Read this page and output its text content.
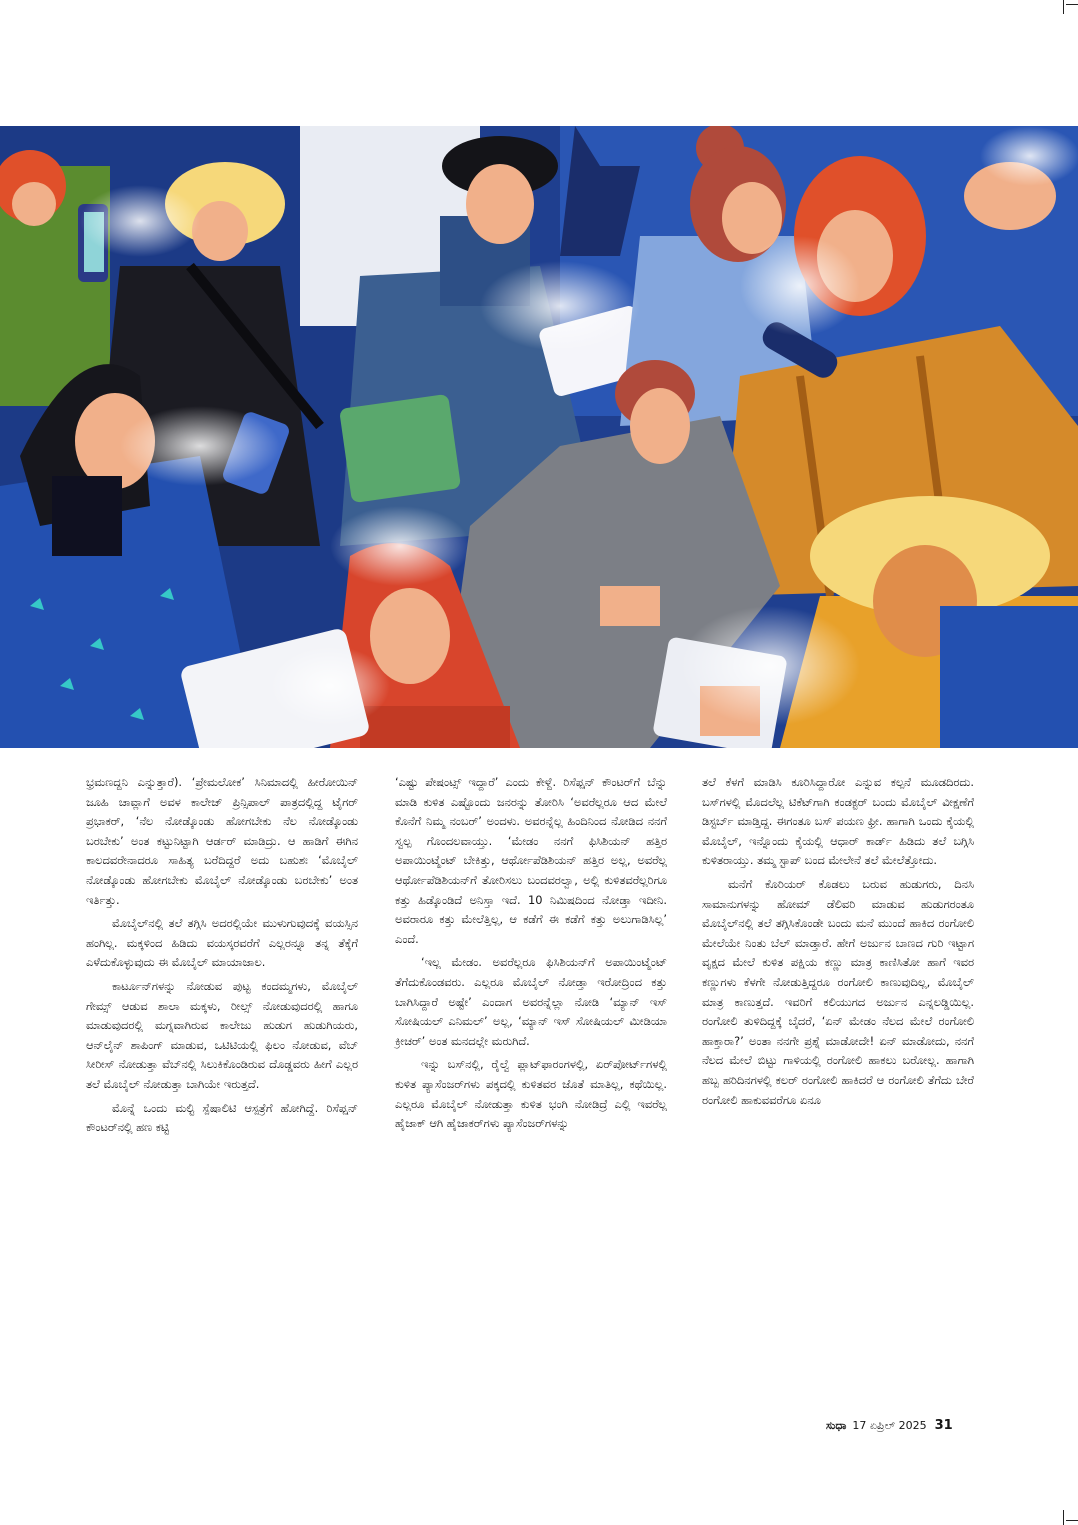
ಭ್ರಮಣದ್ದನಿ ಎನ್ನುತ್ತಾರೆ). ‘ಪ್ರೇಮಲೋಕ’ ಸಿನಿಮಾದಲ್ಲಿ ಹೀರೋಯಿನ್ ಜೂಹಿ ಚಾವ್ಲಾಗೆ ಅವಳ ಕಾಲೇಜ್ ಪ್ರಿನ್ಸಿಪಾಲ್ ಪಾತ್ರದಲ್ಲಿದ್ದ ಟೈಗರ್ ಪ್ರಭಾಕರ್, ‘ನೆಲ ನೋಡ್ಕೊಂಡು ಹೋಗಬೇಕು ನೆಲ ನೋಡ್ಕೊಂಡು ಬರಬೇಕು’ ಅಂತ ಕಟ್ಟುನಿಟ್ಟಾಗಿ ಆರ್ಡರ್ ಮಾಡಿದ್ರು. ಆ ಹಾಡಿಗೆ ಈಗಿನ ಕಾಲದವರೇನಾದರೂ ಸಾಹಿತ್ಯ ಬರೆದಿದ್ದರೆ ಅದು ಬಹುಶಃ ‘ಮೊಬೈಲ್ ನೋಡ್ಕೊಂಡು ಹೋಗಬೇಕು ಮೊಬೈಲ್ ನೋಡ್ಕೊಂಡು ಬರಬೇಕು’ ಅಂತ ಇರ್ತಿತ್ತು.

ಮೊಬೈಲ್‌ನಲ್ಲಿ ತಲೆ ತಗ್ಗಿಸಿ ಅದರಲ್ಲಿಯೇ ಮುಳುಗುವುದಕ್ಕೆ ವಯಸ್ಸಿನ ಹಂಗಿಲ್ಲ. ಮಕ್ಕಳಿಂದ ಹಿಡಿದು ವಯಸ್ಕರವರೆಗೆ ಎಲ್ಲರನ್ನೂ ತನ್ನ ತೆಕ್ಕೆಗೆ ಎಳೆದುಕೊಳ್ಳುವುದು ಈ ಮೊಬೈಲ್ ಮಾಯಾಜಾಲ.

ಕಾರ್ಟೂನ್‌ಗಳನ್ನು ನೋಡುವ ಪುಟ್ಟ ಕಂದಮ್ಮಗಳು, ಮೊಬೈಲ್ ಗೇಮ್ಸ್ ಆಡುವ ಶಾಲಾ ಮಕ್ಕಳು, ರೀಲ್ಸ್ ನೋಡುವುದರಲ್ಲಿ ಹಾಗೂ ಮಾಡುವುದರಲ್ಲಿ ಮಗ್ನವಾಗಿರುವ ಕಾಲೇಜು ಹುಡುಗ ಹುಡುಗಿಯರು, ಆನ್‌ಲೈನ್ ಶಾಪಿಂಗ್ ಮಾಡುವ, ಒಟಿಟಿಯಲ್ಲಿ ಫಿಲಂ ನೋಡುವ, ವೆಬ್ ಸೀರೀಸ್ ನೋಡುತ್ತಾ ವೆಬ್‌ನಲ್ಲಿ ಸಿಲುಕಿಕೊಂಡಿರುವ ದೊಡ್ಡವರು ಹೀಗೆ ಎಲ್ಲರ ತಲೆ ಮೊಬೈಲ್ ನೋಡುತ್ತಾ ಬಾಗಿಯೇ ಇರುತ್ತದೆ.

ಮೊನ್ನೆ ಒಂದು ಮಲ್ಟಿ ಸ್ಪೆಷಾಲಿಟಿ ಆಸ್ಪತ್ರೆಗೆ ಹೋಗಿದ್ದೆ. ರಿಸೆಪ್ಷನ್ ಕೌಂಟರ್‌ನಲ್ಲಿ ಹಣ ಕಟ್ಟಿ

‘ಎಷ್ಟು ಪೇಷಂಟ್ಸ್ ಇದ್ದಾರೆ’ ಎಂದು ಕೇಳ್ದೆ. ರಿಸೆಪ್ಷನ್ ಕೌಂಟರ್‌ಗೆ ಬೆನ್ನು ಮಾಡಿ ಕುಳಿತ ಎಷ್ಟೊಂದು ಜನರನ್ನು ತೋರಿಸಿ ‘ಅವರೆಲ್ಲರೂ ಆದ ಮೇಲೆ ಕೊನೆಗೆ ನಿಮ್ಮ ನಂಬರ್’ ಅಂದಳು. ಅವರನ್ನೆಲ್ಲ ಹಿಂದಿನಿಂದ ನೋಡಿದ ನನಗೆ ಸ್ವಲ್ಪ ಗೊಂದಲವಾಯ್ತು. ‘ಮೇಡಂ ನನಗೆ ಫಿಸಿಶಿಯನ್ ಹತ್ತಿರ ಅಪಾಯಿಂಟ್ಮೆಂಟ್ ಬೇಕಿತ್ತು, ಆರ್ಥೋಪೆಡಿಶಿಯನ್ ಹತ್ತಿರ ಅಲ್ಲ, ಅವರೆಲ್ಲ ಆರ್ಥೋಪೆಡಿಶಿಯನ್‌ಗೆ ತೋರಿಸಲು ಬಂದವರಲ್ವಾ, ಅಲ್ಲಿ ಕುಳಿತವರೆಲ್ಲರಿಗೂ ಕತ್ತು ಹಿಡ್ಕೊಂಡಿದೆ ಅನಿಸ್ತಾ ಇದೆ. 10 ನಿಮಿಷದಿಂದ ನೋಡ್ತಾ ಇದೀನಿ. ಅವರಾರೂ ಕತ್ತು ಮೇಲೆತ್ತಿಲ್ಲ, ಆ ಕಡೆಗೆ ಈ ಕಡೆಗೆ ಕತ್ತು ಅಲುಗಾಡಿಸಿಲ್ಲ’ ಎಂದೆ.

‘ಇಲ್ಲ ಮೇಡಂ. ಅವರೆಲ್ಲರೂ ಫಿಸಿಶಿಯನ್‌ಗೆ ಅಪಾಯಿಂಟ್ಮೆಂಟ್ ತೆಗೆದುಕೊಂಡವರು. ಎಲ್ಲರೂ ಮೊಬೈಲ್ ನೋಡ್ತಾ ಇರೋದ್ರಿಂದ ಕತ್ತು ಬಾಗಿಸಿದ್ದಾರೆ ಅಷ್ಟೇ’ ಎಂದಾಗ ಅವರನ್ನೆಲ್ಲಾ ನೋಡಿ ‘ಮ್ಯಾನ್ ಇಸ್ ಸೋಷಿಯಲ್ ಎನಿಮಲ್’ ಅಲ್ಲ, ‘ಮ್ಯಾನ್ ಇಸ್ ಸೋಷಿಯಲ್ ಮೀಡಿಯಾ ಕ್ರೀಚರ್’ ಅಂತ ಮನದಲ್ಲೇ ಮರುಗಿದೆ.

ಇನ್ನು ಬಸ್‌ನಲ್ಲಿ, ರೈಲ್ವೆ ಪ್ಲಾಟ್‌ಫಾರಂಗಳಲ್ಲಿ, ಏರ್‌ಪೋರ್ಟ್‌ಗಳಲ್ಲಿ ಕುಳಿತ ಪ್ಯಾಸೆಂಜರ್‌ಗಳು ಪಕ್ಕದಲ್ಲಿ ಕುಳಿತವರ ಜೊತೆ ಮಾತಿಲ್ಲ, ಕಥೆಯಿಲ್ಲ. ಎಲ್ಲರೂ ಮೊಬೈಲ್ ನೋಡುತ್ತಾ ಕುಳಿತ ಭಂಗಿ ನೋಡಿದ್ರೆ ಎಲ್ಲಿ ಇವರೆಲ್ಲ ಹೈಜಾಕ್ ಆಗಿ ಹೈಜಾಕರ್‌ಗಳು ಪ್ಯಾಸೆಂಜರ್‌ಗಳನ್ನು

ತಲೆ ಕೆಳಗೆ ಮಾಡಿಸಿ ಕೂರಿಸಿದ್ದಾರೋ ಎನ್ನುವ ಕಲ್ಪನೆ ಮೂಡದಿರದು. ಬಸ್‌ಗಳಲ್ಲಿ ಮೊದಲೆಲ್ಲ ಟಿಕೆಟ್‌ಗಾಗಿ ಕಂಡಕ್ಟರ್ ಬಂದು ಮೊಬೈಲ್ ವೀಕ್ಷಣೆಗೆ ಡಿಸ್ಟರ್ಬ್ ಮಾಡ್ತಿದ್ದ. ಈಗಂತೂ ಬಸ್ ಪಯಣ ಫ್ರೀ. ಹಾಗಾಗಿ ಒಂದು ಕೈಯಲ್ಲಿ ಮೊಬೈಲ್, ಇನ್ನೊಂದು ಕೈಯಲ್ಲಿ ಆಧಾರ್ ಕಾರ್ಡ್ ಹಿಡಿದು ತಲೆ ಬಗ್ಗಿಸಿ ಕುಳಿತರಾಯ್ತು. ತಮ್ಮ ಸ್ಟಾಪ್ ಬಂದ ಮೇಲೇನೆ ತಲೆ ಮೇಲೆತ್ತೋದು.

ಮನೆಗೆ ಕೊರಿಯರ್ ಕೊಡಲು ಬರುವ ಹುಡುಗರು, ದಿನಸಿ ಸಾಮಾನುಗಳನ್ನು ಹೋಮ್ ಡೆಲಿವರಿ ಮಾಡುವ ಹುಡುಗರಂತೂ ಮೊಬೈಲ್‌ನಲ್ಲಿ ತಲೆ ತಗ್ಗಿಸಿಕೊಂಡೇ ಬಂದು ಮನೆ ಮುಂದೆ ಹಾಕಿದ ರಂಗೋಲಿ ಮೇಲೆಯೇ ನಿಂತು ಬೆಲ್ ಮಾಡ್ತಾರೆ. ಹೇಗೆ ಅರ್ಜುನ ಬಾಣದ ಗುರಿ ಇಟ್ಟಾಗ ವೃಕ್ಷದ ಮೇಲೆ ಕುಳಿತ ಪಕ್ಷಿಯ ಕಣ್ಣು ಮಾತ್ರ ಕಾಣಿಸಿತೋ ಹಾಗೆ ಇವರ ಕಣ್ಣುಗಳು ಕೆಳಗೇ ನೋಡುತ್ತಿದ್ದರೂ ರಂಗೋಲಿ ಕಾಣುವುದಿಲ್ಲ, ಮೊಬೈಲ್ ಮಾತ್ರ ಕಾಣುತ್ತದೆ. ಇವರಿಗೆ ಕಲಿಯುಗದ ಅರ್ಜುನ ಎನ್ನಲಡ್ಡಿಯಿಲ್ಲ. ರಂಗೋಲಿ ತುಳಿದಿದ್ದಕ್ಕೆ ಬೈದರೆ, ‘ಏನ್ ಮೇಡಂ ನೆಲದ ಮೇಲೆ ರಂಗೋಲಿ ಹಾಕ್ತಾರಾ?’ ಅಂತಾ ನನಗೇ ಪ್ರಶ್ನೆ ಮಾಡೋದೇ! ಏನ್ ಮಾಡೋದು, ನನಗೆ ನೆಲದ ಮೇಲೆ ಬಿಟ್ಟು ಗಾಳಿಯಲ್ಲಿ ರಂಗೋಲಿ ಹಾಕಲು ಬರೋಲ್ಲ. ಹಾಗಾಗಿ ಹಬ್ಬ ಹರಿದಿನಗಳಲ್ಲಿ ಕಲರ್ ರಂಗೋಲಿ ಹಾಕಿದರೆ ಆ ರಂಗೋಲಿ ತೆಗೆದು ಬೇರೆ ರಂಗೋಲಿ ಹಾಕುವವರೆಗೂ ಏನೂ

ಸುಧಾ 17 ಏಪ್ರಿಲ್ 2025 31
